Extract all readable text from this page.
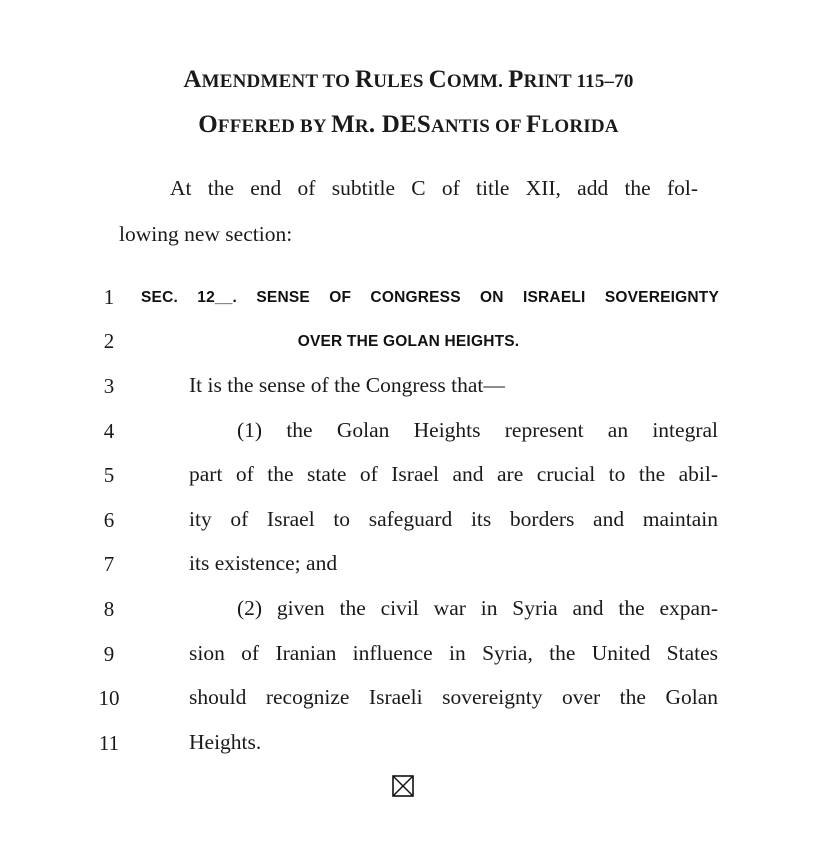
AMENDMENT TO RULES COMM. PRINT 115–70
OFFERED BY MR. DESANTIS OF FLORIDA
At the end of subtitle C of title XII, add the fol-
lowing new section:
1	SEC. 12__. SENSE OF CONGRESS ON ISRAELI SOVEREIGNTY
2	OVER THE GOLAN HEIGHTS.
3	It is the sense of the Congress that—
4	(1) the Golan Heights represent an integral
5	part of the state of Israel and are crucial to the abil-
6	ity of Israel to safeguard its borders and maintain
7	its existence; and
8	(2) given the civil war in Syria and the expan-
9	sion of Iranian influence in Syria, the United States
10	should recognize Israeli sovereignty over the Golan
11	Heights.
